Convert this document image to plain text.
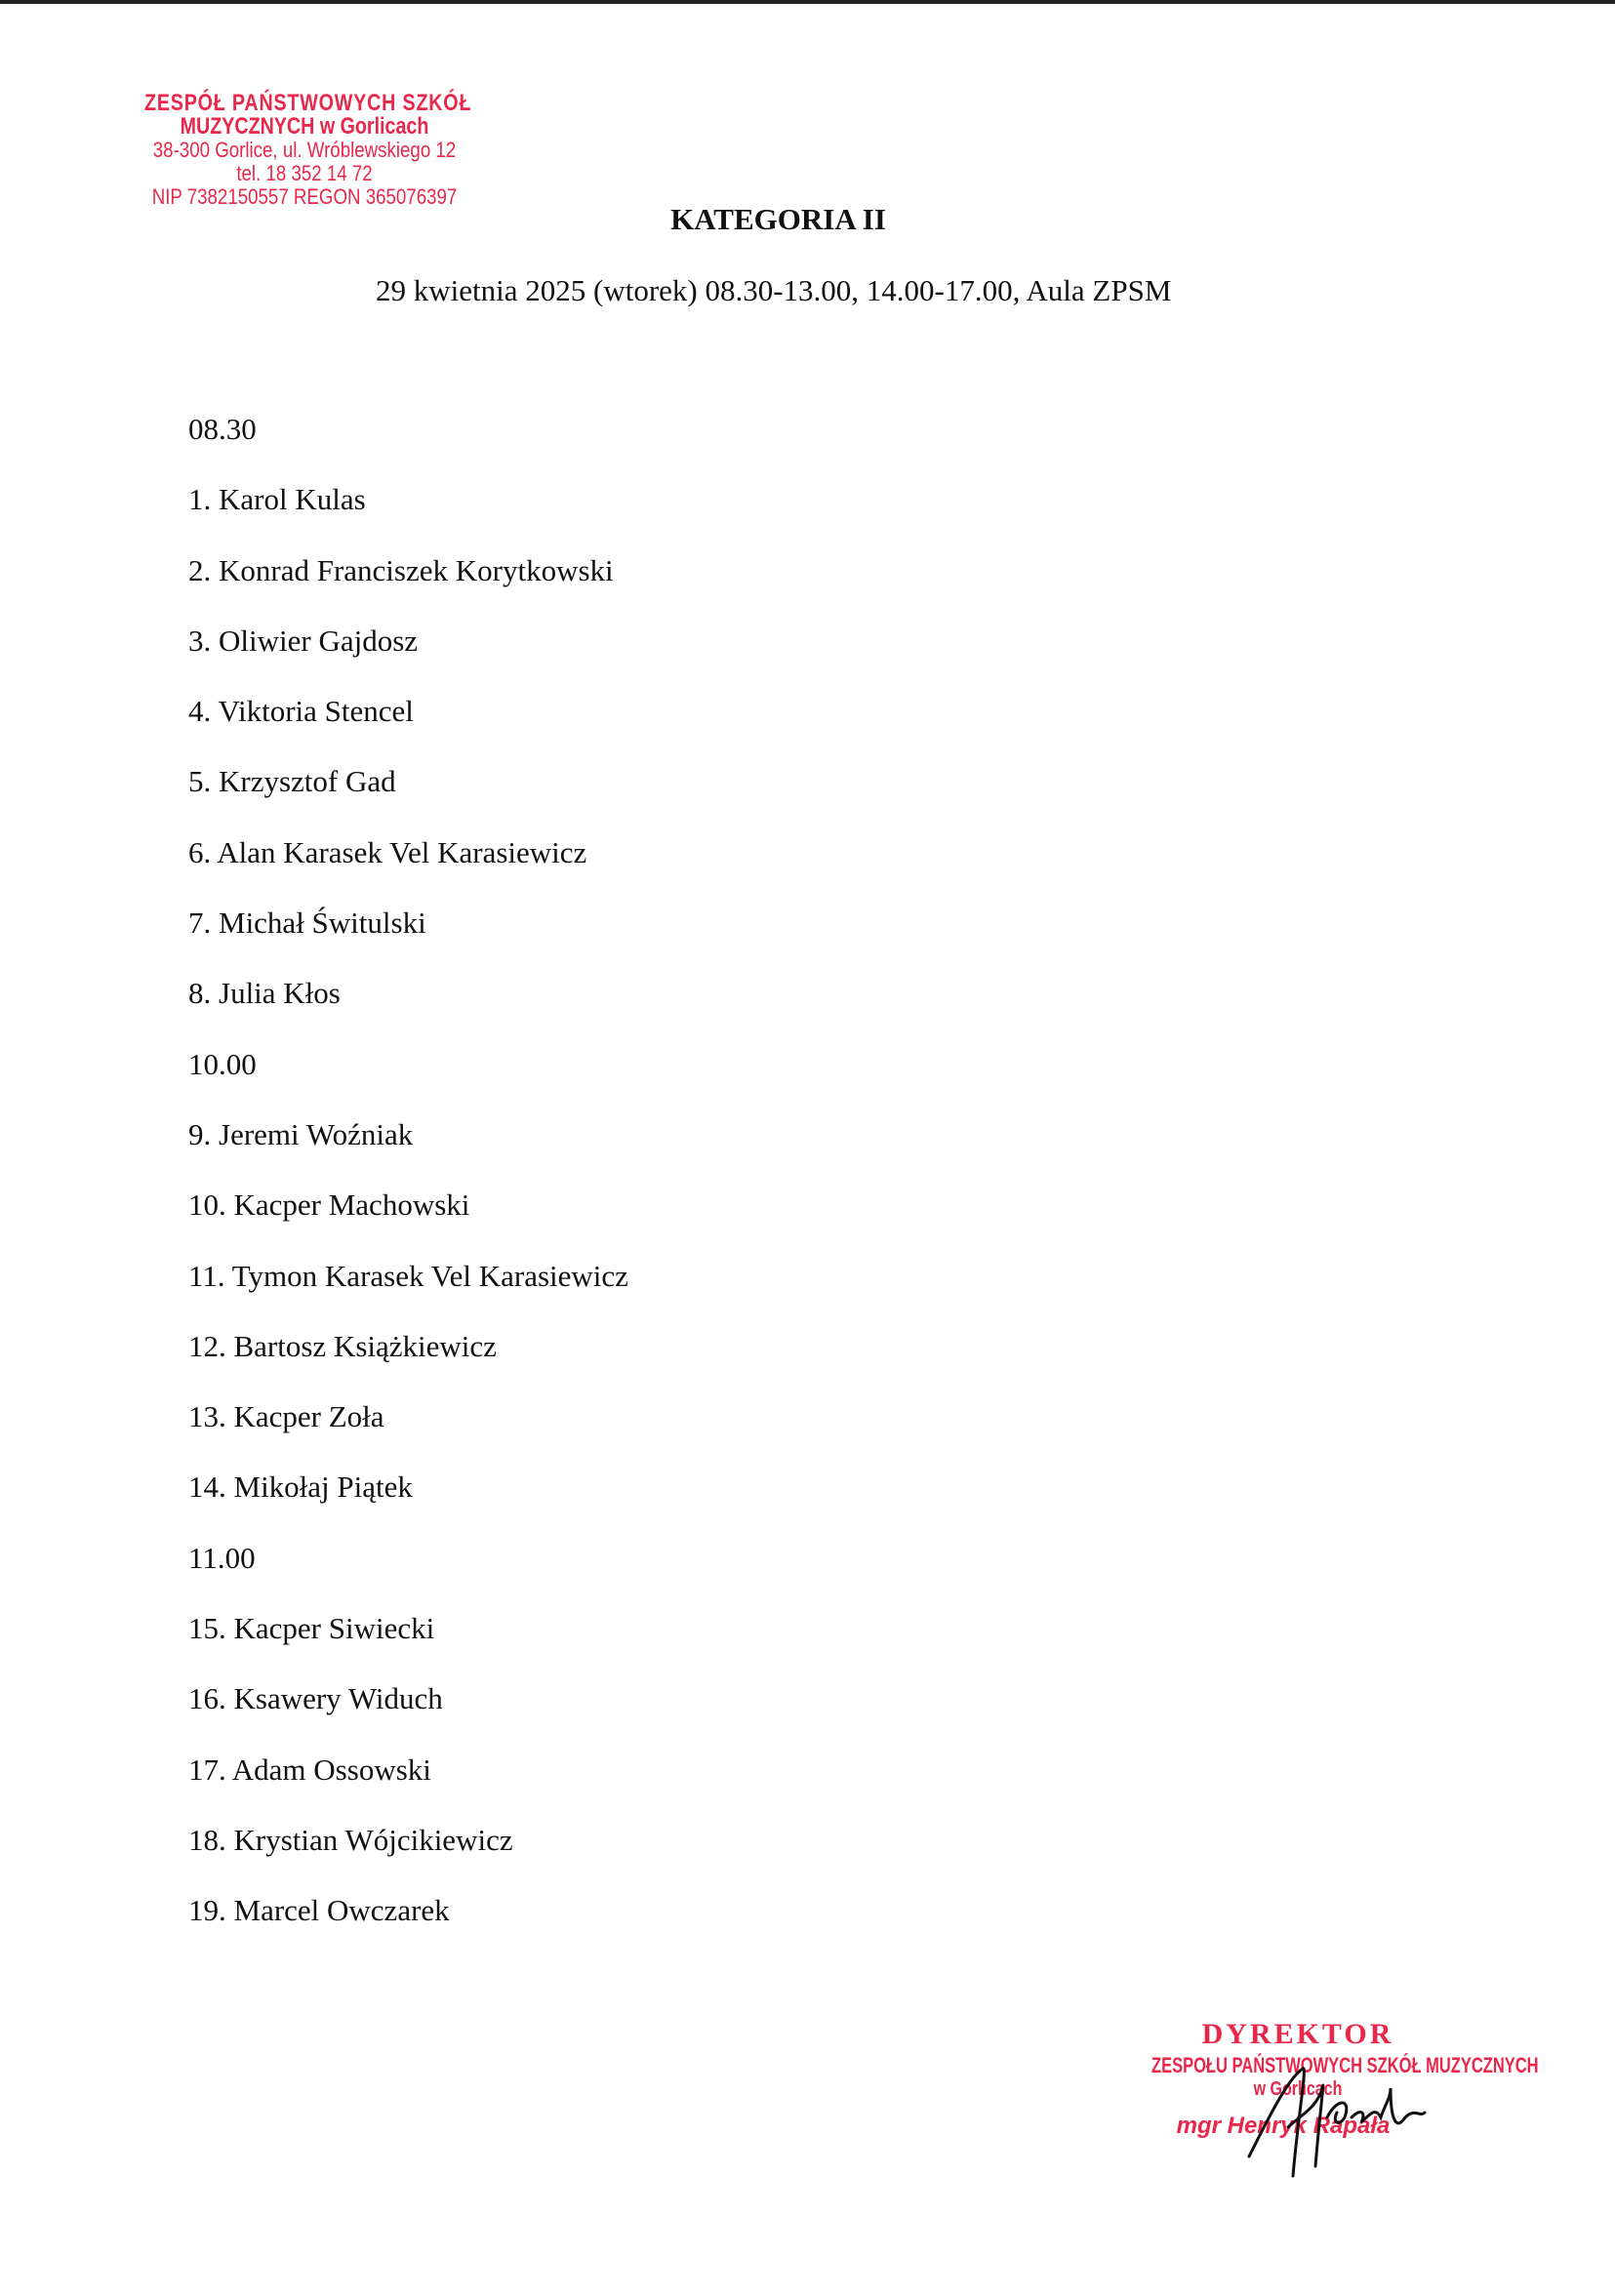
ZESPÓŁ PAŃSTWOWYCH SZKÓŁ
MUZYCZNYCH w Gorlicach
38-300 Gorlice, ul. Wróblewskiego 12
tel. 18 352 14 72
NIP 7382150557 REGON 365076397
KATEGORIA II
29 kwietnia 2025 (wtorek) 08.30-13.00, 14.00-17.00, Aula ZPSM
08.30
1. Karol Kulas
2. Konrad Franciszek Korytkowski
3. Oliwier Gajdosz
4. Viktoria Stencel
5. Krzysztof Gad
6. Alan Karasek Vel Karasiewicz
7. Michał Świtulski
8. Julia Kłos
10.00
9. Jeremi Woźniak
10. Kacper Machowski
11. Tymon Karasek Vel Karasiewicz
12. Bartosz Książkiewicz
13. Kacper Zoła
14. Mikołaj Piątek
11.00
15. Kacper Siwiecki
16. Ksawery Widuch
17. Adam Ossowski
18. Krystian Wójcikiewicz
19. Marcel Owczarek
DYREKTOR
ZESPOŁU PAŃSTWOWYCH SZKÓŁ MUZYCZNYCH
w Gorlicach
mgr Henryk Rapała
